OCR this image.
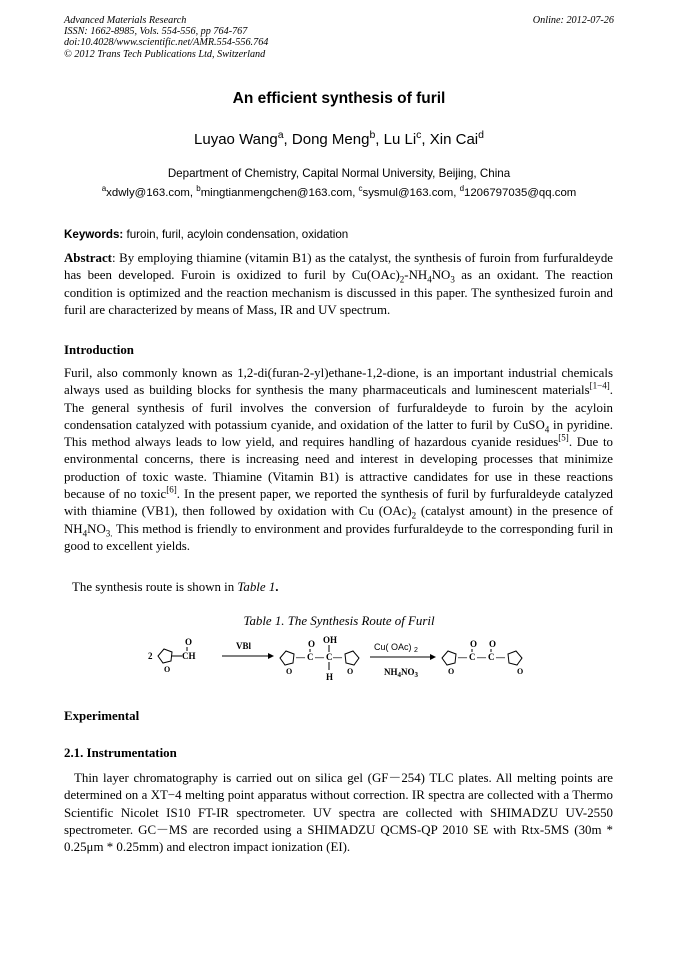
Advanced Materials Research
ISSN: 1662-8985, Vols. 554-556, pp 764-767
doi:10.4028/www.scientific.net/AMR.554-556.764
© 2012 Trans Tech Publications Ltd, Switzerland
Online: 2012-07-26
An efficient synthesis of furil
Luyao Wang$^a$, Dong Meng$^b$, Lu Li$^c$, Xin Cai$^d$
Department of Chemistry, Capital Normal University, Beijing, China
$^a$xdwly@163.com, $^b$mingtianmengchen@163.com, $^c$sysmul@163.com, $^d$1206797035@qq.com
Keywords: furoin, furil, acyloin condensation, oxidation
Abstract: By employing thiamine (vitamin B1) as the catalyst, the synthesis of furoin from furfuraldeyde has been developed. Furoin is oxidized to furil by $Cu(OAc)_2-NH_4NO_3$ as an oxidant. The reaction condition is optimized and the reaction mechanism is discussed in this paper. The synthesized furoin and furil are characterized by means of Mass, IR and UV spectrum.
Introduction
Furil, also commonly known as 1,2-di(furan-2-yl)ethane-1,2-dione, is an important industrial chemicals always used as building blocks for synthesis the many pharmaceuticals and luminescent materials[1−4]. The general synthesis of furil involves the conversion of furfuraldeyde to furoin by the acyloin condensation catalyzed with potassium cyanide, and oxidation of the latter to furil by CuSO$_4$ in pyridine. This method always leads to low yield, and requires handling of hazardous cyanide residues[5]. Due to environmental concerns, there is increasing need and interest in developing processes that minimize production of toxic waste. Thiamine (Vitamin B1) is attractive candidates for use in these reactions because of no toxic[6]. In the present paper, we reported the synthesis of furil by furfuraldeyde catalyzed with thiamine (VB1), then followed by oxidation with Cu $(OAc)_2$ (catalyst amount) in the presence of $NH_4NO_{3.}$ This method is friendly to environment and provides furfuraldeyde to the corresponding furil in good to excellent yields.
The synthesis route is shown in Table 1.
Table 1. The Synthesis Route of Furil
2
O
CH
O	VBl
O
— C
O
— C
OH
H
—
O
Cu( OAc) $_2$
$NH_4NO_3$	O
— C
O
— C
O
—
O
Experimental
2.1. Instrumentation
Thin layer chromatography is carried out on silica gel (GF－254) TLC plates. All melting points are determined on a XT−4 melting point apparatus without correction. IR spectra are collected with a Thermo Scientific Nicolet IS10 FT-IR spectrometer. UV spectra are collected with SHIMADZU UV-2550 spectrometer. GC－MS are recorded using a SHIMADZU QCMS-QP 2010 SE with Rtx-5MS (30m * 0.25μm * 0.25mm) and electron impact ionization (EI).
